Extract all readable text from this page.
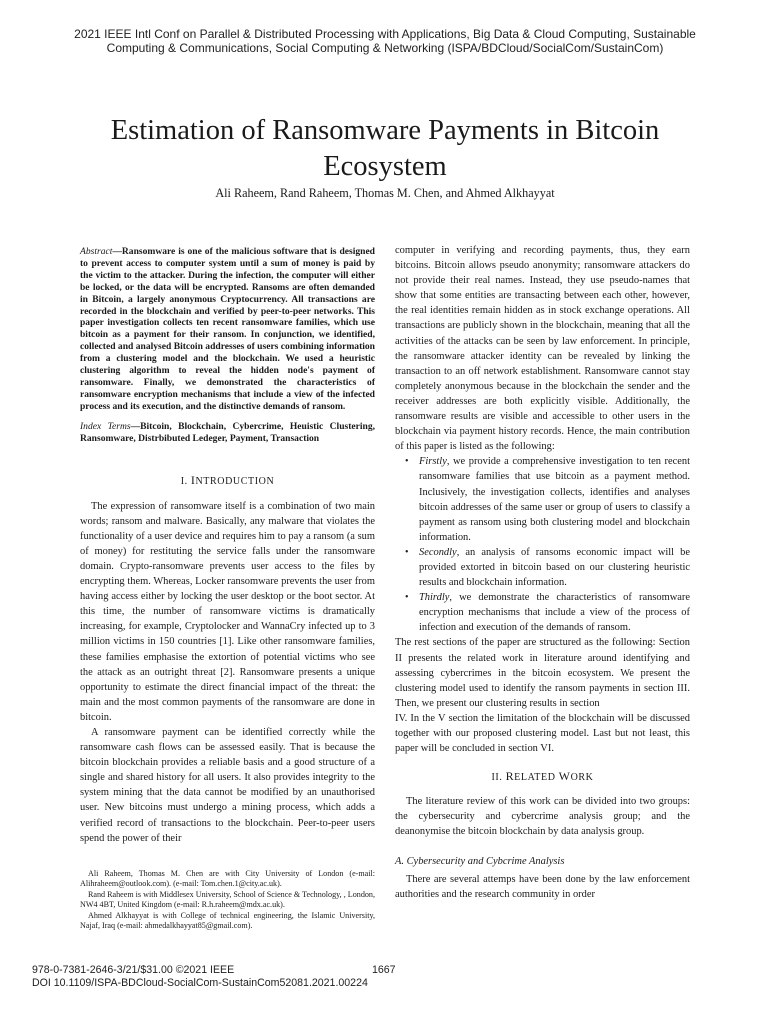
2021 IEEE Intl Conf on Parallel & Distributed Processing with Applications, Big Data & Cloud Computing, Sustainable
Computing & Communications, Social Computing & Networking (ISPA/BDCloud/SocialCom/SustainCom)
Estimation of Ransomware Payments in Bitcoin
Ecosystem
Ali Raheem, Rand Raheem, Thomas M. Chen, and Ahmed Alkhayyat
Abstract—Ransomware is one of the malicious software that is designed to prevent access to computer system until a sum of money is paid by the victim to the attacker. During the infection, the computer will either be locked, or the data will be encrypted. Ransoms are often demanded in Bitcoin, a largely anonymous Cryptocurrency. All transactions are recorded in the blockchain and verified by peer-to-peer networks. This paper investigation collects ten recent ransomware families, which use bitcoin as a payment for their ransom. In conjunction, we identified, collected and analysed Bitcoin addresses of users combining information from a clustering model and the blockchain. We used a heuristic clustering algorithm to reveal the hidden node's payment of ransomware. Finally, we demonstrated the characteristics of ransomware encryption mechanisms that include a view of the infected process and its execution, and the distinctive demands of ransom.
Index Terms—Bitcoin, Blockchain, Cybercrime, Heuistic Clustering, Ransomware, Distrbibuted Ledeger, Payment, Transaction
I. INTRODUCTION

The expression of ransomware itself is a combination of two main words; ransom and malware. Basically, any malware that violates the functionality of a user device and requires him to pay a ransom (a sum of money) for restituting the service falls under the ransomware domain. Crypto-ransomware prevents user access to the files by encrypting them. Whereas, Locker ransomware prevents the user from having access either by locking the user desktop or the boot sector. At this time, the number of ransomware victims is dramatically increasing, for example, Cryptolocker and WannaCry infected up to 3 million victims in 150 countries [1]. Like other ransomware families, these families emphasise the extortion of potential victims who see the attack as an outright threat [2]. Ransomware presents a unique opportunity to estimate the direct financial impact of the threat: the main and the most common payments of the ransomware are done in bitcoin.

A ransomware payment can be identified correctly while the ransomware cash flows can be assessed easily. That is because the bitcoin blockchain provides a reliable basis and a good structure of a single and shared history for all users. It also provides integrity to the system mining that the data cannot be modified by an unauthorised user. New bitcoins must undergo a mining process, which adds a verified record of transactions to the blockchain. Peer-to-peer users spend the power of their

Ali Raheem, Thomas M. Chen are with City University of London (e-mail: Alihraheem@outlook.com). (e-mail: Tom.chen.1@city.ac.uk).

Rand Raheem is with Middlesex University, School of Science & Technology, , London, NW4 4BT, United Kingdom (e-mail: R.h.raheem@mdx.ac.uk).

Ahmed Alkhayyat is with College of technical engineering, the Islamic University, Najaf, Iraq (e-mail: ahmedalkhayyat85@gmail.com).

computer in verifying and recording payments, thus, they earn bitcoins. Bitcoin allows pseudo anonymity; ransomware attackers do not provide their real names. Instead, they use pseudo-names that show that some entities are transacting between each other, however, the real identities remain hidden as in stock exchange operations. All transactions are publicly shown in the blockchain, meaning that all the activities of the attacks can be seen by law enforcement. In principle, the ransomware attacker identity can be revealed by linking the transaction to an off network establishment. Ransomware cannot stay completely anonymous because in the blockchain the sender and the receiver addresses are both explicitly visible. Additionally, the ransomware results are visible and accessible to other users in the blockchain via payment history records. Hence, the main contribution of this paper is listed as the following:

• Firstly, we provide a comprehensive investigation to ten recent ransomware families that use bitcoin as a payment method. Inclusively, the investigation collects, identifies and analyses bitcoin addresses of the same user or group of users to classify a payment as ransom using both clustering model and blockchain information.
• Secondly, an analysis of ransoms economic impact will be provided extorted in bitcoin based on our clustering heuristic results and blockchain information.
• Thirdly, we demonstrate the characteristics of ransomware encryption mechanisms that include a view of the process of infection and execution of the demands of ransom.

The rest sections of the paper are structured as the following: Section II presents the related work in literature around identifying and assessing cybercrimes in the bitcoin ecosystem. We present the clustering model used to identify the ransom payments in section III. Then, we present our clustering results in section

IV. In the V section the limitation of the blockchain will be discussed together with our proposed clustering model. Last but not least, this paper will be concluded in section VI.

II. RELATED WORK

The literature review of this work can be divided into two groups: the cybersecurity and cybercrime analysis group; and the deanonymise the bitcoin blockchain by data analysis group.

A. Cybersecurity and Cybcrime Analysis

There are several attemps have been done by the law enforcement authorities and the research community in order

978-0-7381-2646-3/21/$31.00 ©2021 IEEE	1667
DOI 10.1109/ISPA-BDCloud-SocialCom-SustainCom52081.2021.00224
